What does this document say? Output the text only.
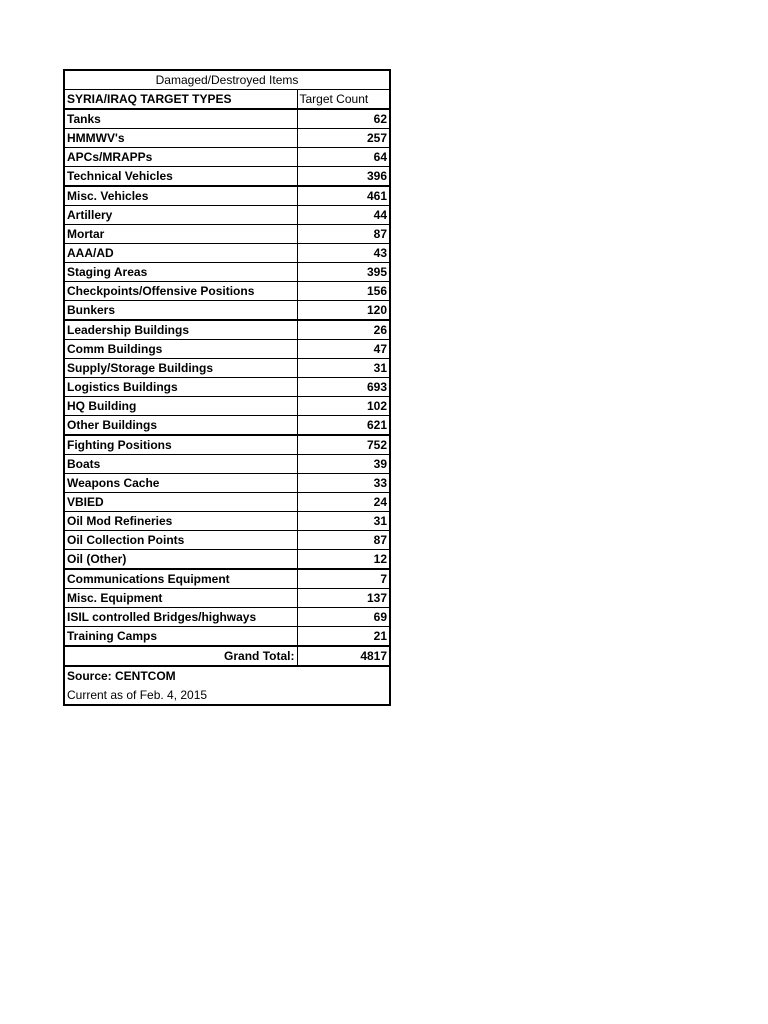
Damaged/Destroyed Items	
SYRIA/IRAQ TARGET TYPES	Target Count
Tanks	62
HMMWV's	257
APCs/MRAPPs	64
Technical Vehicles	396
Misc. Vehicles	461
Artillery	44
Mortar	87
AAA/AD	43
Staging Areas	395
Checkpoints/Offensive Positions	156
Bunkers	120
Leadership Buildings	26
Comm Buildings	47
Supply/Storage Buildings	31
Logistics Buildings	693
HQ Building	102
Other Buildings	621
Fighting Positions	752
Boats	39
Weapons Cache	33
VBIED	24
Oil Mod Refineries	31
Oil Collection Points	87
Oil (Other)	12
Communications Equipment	7
Misc. Equipment	137
ISIL controlled Bridges/highways	69
Training Camps	21
Grand Total:	4817
Source: CENTCOM	
Current as of Feb. 4, 2015	
